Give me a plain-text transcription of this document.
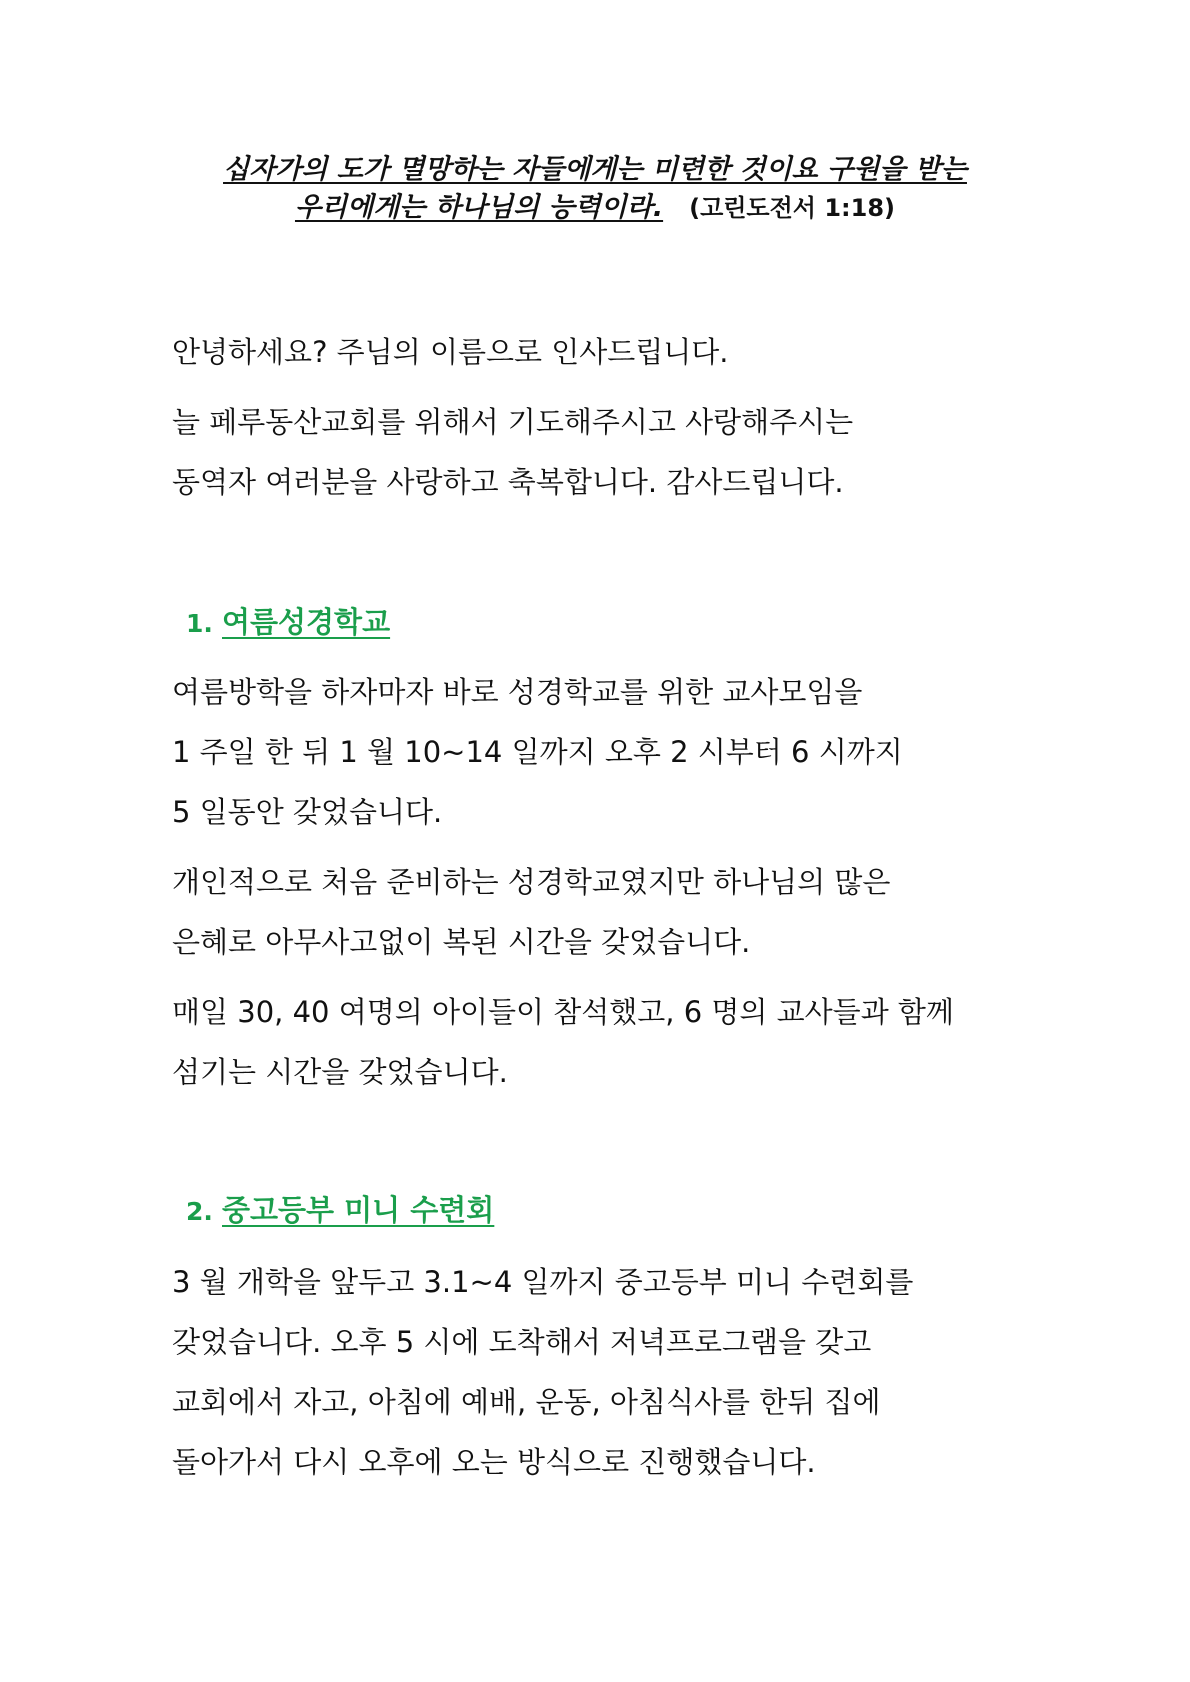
십자가의 도가 멸망하는 자들에게는 미련한 것이요 구원을 받는
우리에게는 하나님의 능력이라. (고린도전서 1:18)
안녕하세요? 주님의 이름으로 인사드립니다.
늘 페루동산교회를 위해서 기도해주시고 사랑해주시는
동역자 여러분을 사랑하고 축복합니다. 감사드립니다.
1. 여름성경학교
여름방학을 하자마자 바로 성경학교를 위한 교사모임을
1 주일 한 뒤 1 월 10~14 일까지 오후 2 시부터 6 시까지
5 일동안 갖었습니다.
개인적으로 처음 준비하는 성경학교였지만 하나님의 많은
은혜로 아무사고없이 복된 시간을 갖었습니다.
매일 30, 40 여명의 아이들이 참석했고, 6 명의 교사들과 함께
섬기는 시간을 갖었습니다.
2. 중고등부 미니 수련회
3 월 개학을 앞두고 3.1~4 일까지 중고등부 미니 수련회를
갖었습니다. 오후 5 시에 도착해서 저녁프로그램을 갖고
교회에서 자고, 아침에 예배, 운동, 아침식사를 한뒤 집에
돌아가서 다시 오후에 오는 방식으로 진행했습니다.
